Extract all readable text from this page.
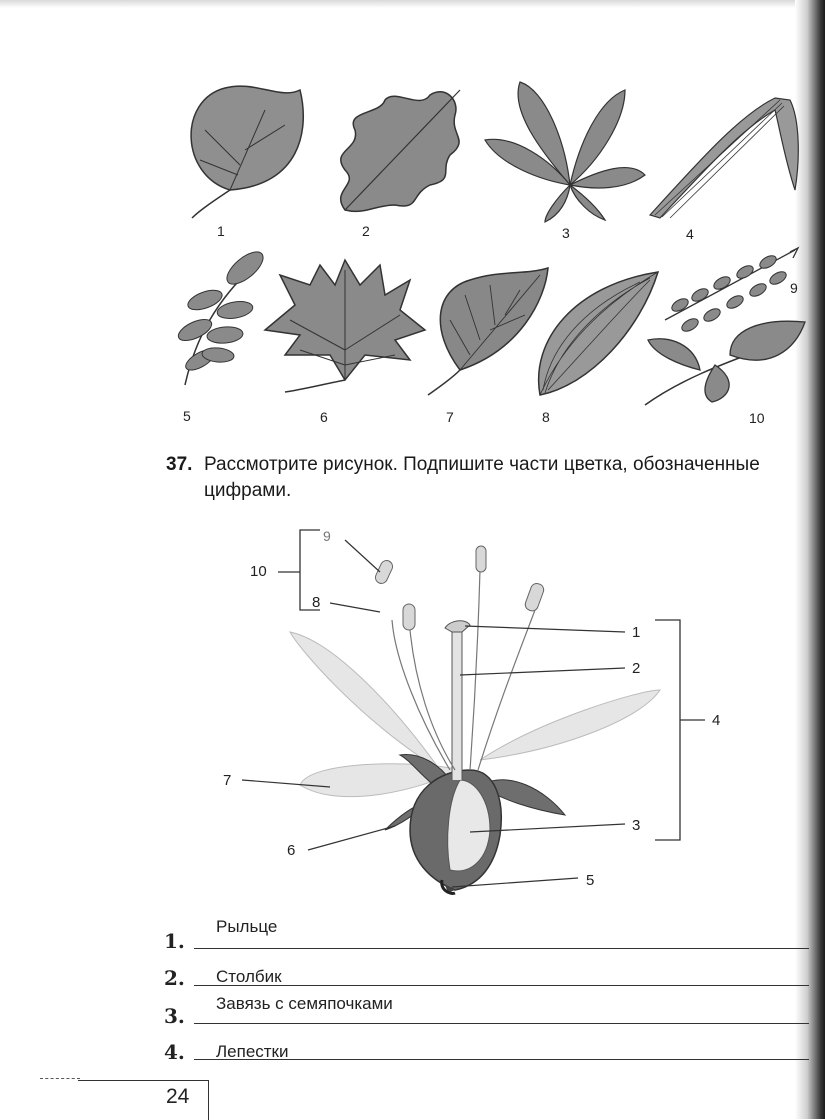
1	2	3	4
5	6	7	8
9
10
37. Рассмотрите рисунок. Подпишите части цветка, обозначенные цифрами.
1
2
3
4
5
6
7
8
9
10
1.
Рыльце
2. Столбик
3.
Завязь с семяпочками
4. Лепестки
24
